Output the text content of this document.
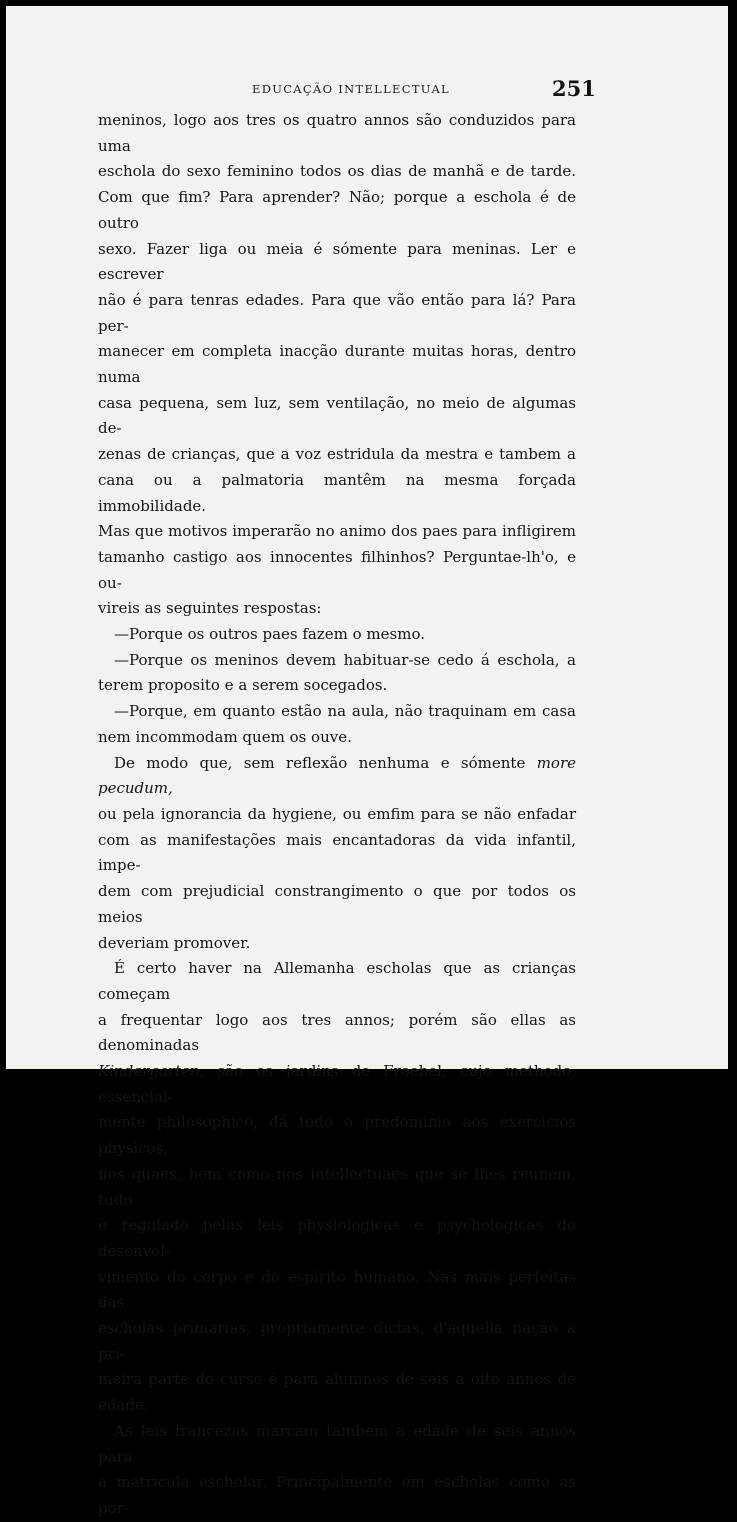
EDUCAÇÃO INTELLECTUAL	251

meninos, logo aos tres os quatro annos são conduzidos para uma

eschola do sexo feminino todos os dias de manhã e de tarde.

Com que fim? Para aprender? Não; porque a eschola é de outro

sexo. Fazer liga ou meia é sómente para meninas. Ler e escrever

não é para tenras edades. Para que vão então para lá? Para per-

manecer em completa inacção durante muitas horas, dentro numa

casa pequena, sem luz, sem ventilação, no meio de algumas de-

zenas de crianças, que a voz estridula da mestra e tambem a

cana ou a palmatoria mantêm na mesma forçada immobilidade.

Mas que motivos imperarão no animo dos paes para infligirem

tamanho castigo aos innocentes filhinhos? Perguntae-lh'o, e ou-

vireis as seguintes respostas:

—Porque os outros paes fazem o mesmo.

—Porque os meninos devem habituar-se cedo á eschola, a

terem proposito e a serem socegados.

—Porque, em quanto estão na aula, não traquinam em casa

nem incommodam quem os ouve.

De modo que, sem reflexão nenhuma e sómente more pecudum,

ou pela ignorancia da hygiene, ou emfim para se não enfadar

com as manifestações mais encantadoras da vida infantil, impe-

dem com prejudicial constrangimento o que por todos os meios

deveriam promover.

É certo haver na Allemanha escholas que as crianças começam

a frequentar logo aos tres annos; porém são ellas as denominadas

Kindergarten, são os jardins de Froebel, cujo methodo, essencial-

mente philosophico, dá todo o predominio aos exercicios physicos,

nos quaes, bem como nos intellectuaes que se lhes reunem, tudo

é regulado pelas leis physiologicas e psychologicas do desenvol-

vimento do corpo e do espirito humano. Nas mais perfeitas das

escholas primarias, propriamente dictas, d'aquella nação a pri-

meira parte do curso é para alumnos de seis a oito annos de

edade.

As leis francezas marcam tambem a edade de seis annos para

a matricula escholar. Principalmente em escholas como as por-
